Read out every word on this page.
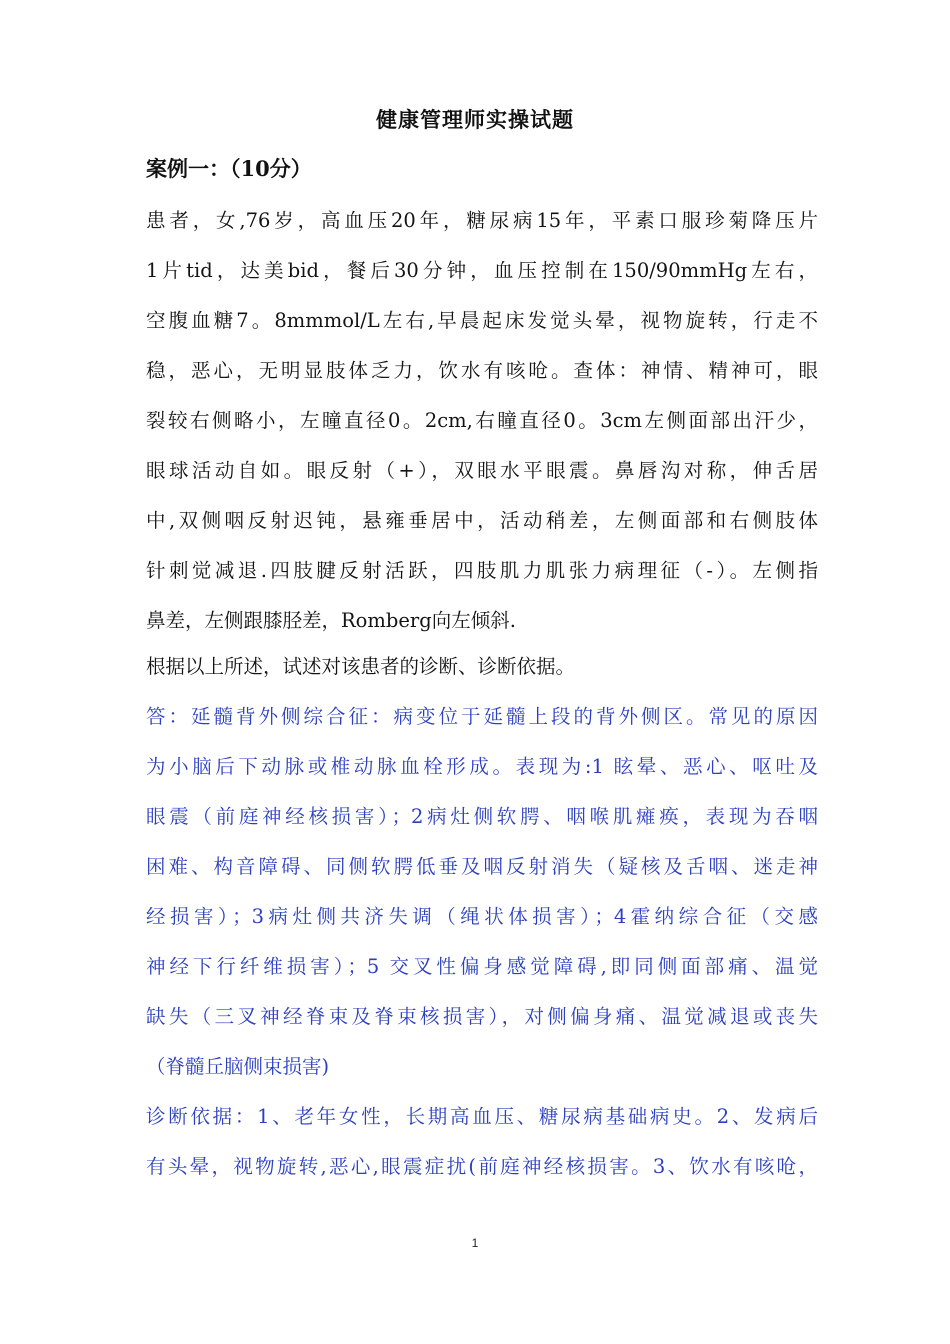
健康管理师实操试题
案例一：（10分）
患者，女,76岁，高血压20年，糖尿病15年，平素口服珍菊降压片
1片tid，达美bid，餐后30分钟，血压控制在150/90mmHg左右，
空腹血糖7。8mmmol/L左右,早晨起床发觉头晕，视物旋转，行走不
稳，恶心，无明显肢体乏力，饮水有咳呛。查体：神情、精神可，眼
裂较右侧略小，左瞳直径0。2cm,右瞳直径0。3cm左侧面部出汗少，
眼球活动自如。眼反射（+），双眼水平眼震。鼻唇沟对称，伸舌居
中,双侧咽反射迟钝，悬雍垂居中，活动稍差，左侧面部和右侧肢体
针刺觉减退.四肢腱反射活跃，四肢肌力肌张力病理征（-）。左侧指
鼻差，左侧跟膝胫差，Romberg向左倾斜.
根据以上所述，试述对该患者的诊断、诊断依据。
答：延髓背外侧综合征：病变位于延髓上段的背外侧区。常见的原因
为小脑后下动脉或椎动脉血栓形成。表现为:1 眩晕、恶心、呕吐及
眼震（前庭神经核损害）；2病灶侧软腭、咽喉肌瘫痪，表现为吞咽
困难、构音障碍、同侧软腭低垂及咽反射消失（疑核及舌咽、迷走神
经损害）；3病灶侧共济失调（绳状体损害）；4霍纳综合征（交感
神经下行纤维损害）；5 交叉性偏身感觉障碍,即同侧面部痛、温觉
缺失（三叉神经脊束及脊束核损害），对侧偏身痛、温觉减退或丧失
（脊髓丘脑侧束损害)
诊断依据：1、老年女性，长期高血压、糖尿病基础病史。2、发病后
有头晕，视物旋转,恶心,眼震症扰(前庭神经核损害。3、饮水有咳呛，
1
